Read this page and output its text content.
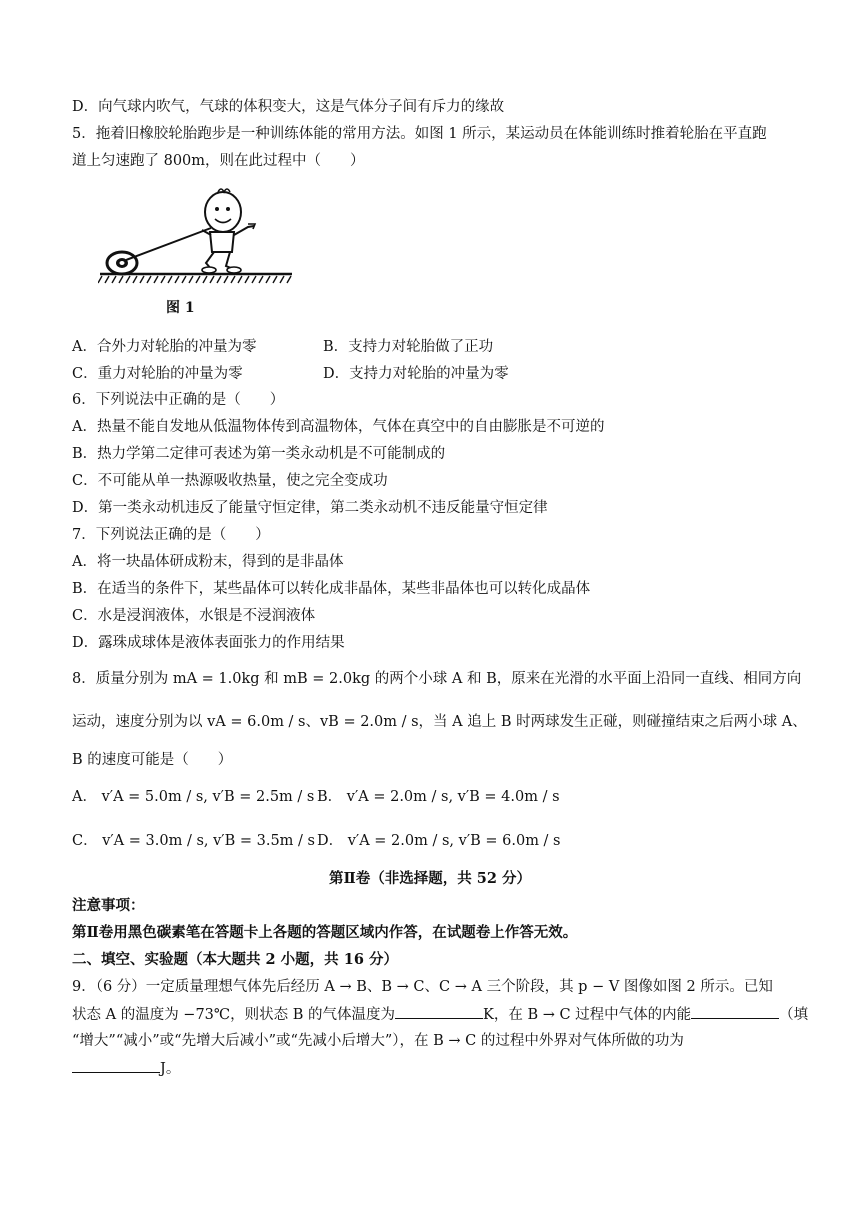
D．向气球内吹气，气球的体积变大，这是气体分子间有斥力的缘故
5．拖着旧橡胶轮胎跑步是一种训练体能的常用方法。如图 1 所示，某运动员在体能训练时推着轮胎在平直跑
道上匀速跑了 800m，则在此过程中（　　）
图 1
A．合外力对轮胎的冲量为零	B．支持力对轮胎做了正功
C．重力对轮胎的冲量为零	D．支持力对轮胎的冲量为零
6．下列说法中正确的是（　　）
A．热量不能自发地从低温物体传到高温物体，气体在真空中的自由膨胀是不可逆的
B．热力学第二定律可表述为第一类永动机是不可能制成的
C．不可能从单一热源吸收热量，使之完全变成功
D．第一类永动机违反了能量守恒定律，第二类永动机不违反能量守恒定律
7．下列说法正确的是（　　）
A．将一块晶体研成粉末，得到的是非晶体
B．在适当的条件下，某些晶体可以转化成非晶体，某些非晶体也可以转化成晶体
C．水是浸润液体，水银是不浸润液体
D．露珠成球体是液体表面张力的作用结果
8．质量分别为 mA = 1.0kg 和 mB = 2.0kg 的两个小球 A 和 B，原来在光滑的水平面上沿同一直线、相同方向
运动，速度分别为以 vA = 6.0m / s、vB = 2.0m / s，当 A 追上 B 时两球发生正碰，则碰撞结束之后两小球 A、
B 的速度可能是（　　）
A． v′A = 5.0m / s, v′B = 2.5m / s B． v′A = 2.0m / s, v′B = 4.0m / s
C． v′A = 3.0m / s, v′B = 3.5m / s D． v′A = 2.0m / s, v′B = 6.0m / s
第Ⅱ卷（非选择题，共 52 分）
注意事项：
第Ⅱ卷用黑色碳素笔在答题卡上各题的答题区域内作答，在试题卷上作答无效。
二、填空、实验题（本大题共 2 小题，共 16 分）
9．（6 分）一定质量理想气体先后经历 A → B、B → C、C → A 三个阶段，其 p − V 图像如图 2 所示。已知
状态 A 的温度为 −73℃，则状态 B 的气体温度为	K，在 B → C 过程中气体的内能	（填
“增大”“减小”或“先增大后减小”或“先减小后增大”），在 B → C 的过程中外界对气体所做的功为
J。
